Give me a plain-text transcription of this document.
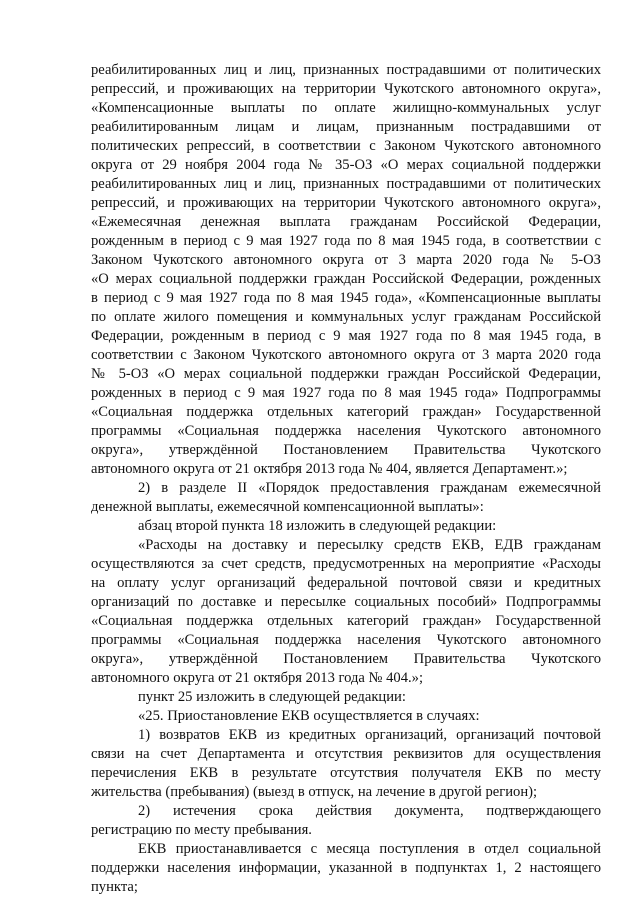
реабилитированных лиц и лиц, признанных пострадавшими от политических
репрессий, и проживающих на территории Чукотского автономного округа»,
«Компенсационные выплаты по оплате жилищно-коммунальных услуг
реабилитированным лицам и лицам, признанным пострадавшими от
политических репрессий, в соответствии с Законом Чукотского автономного
округа от 29 ноября 2004 года № 35-ОЗ «О мерах социальной поддержки
реабилитированных лиц и лиц, признанных пострадавшими от политических
репрессий, и проживающих на территории Чукотского автономного округа»,
«Ежемесячная денежная выплата гражданам Российской Федерации,
рожденным в период с 9 мая 1927 года по 8 мая 1945 года, в соответствии с
Законом Чукотского автономного округа от 3 марта 2020 года № 5-ОЗ
«О мерах социальной поддержки граждан Российской Федерации, рожденных
в период с 9 мая 1927 года по 8 мая 1945 года», «Компенсационные выплаты
по оплате жилого помещения и коммунальных услуг гражданам Российской
Федерации, рожденным в период с 9 мая 1927 года по 8 мая 1945 года, в
соответствии с Законом Чукотского автономного округа от 3 марта 2020 года
№ 5-ОЗ «О мерах социальной поддержки граждан Российской Федерации,
рожденных в период с 9 мая 1927 года по 8 мая 1945 года» Подпрограммы
«Социальная поддержка отдельных категорий граждан» Государственной
программы «Социальная поддержка населения Чукотского автономного
округа», утверждённой Постановлением Правительства Чукотского
автономного округа от 21 октября 2013 года № 404, является Департамент.»;
2) в разделе II «Порядок предоставления гражданам ежемесячной
денежной выплаты, ежемесячной компенсационной выплаты»:
абзац второй пункта 18 изложить в следующей редакции:
«Расходы на доставку и пересылку средств ЕКВ, ЕДВ гражданам
осуществляются за счет средств, предусмотренных на мероприятие «Расходы
на оплату услуг организаций федеральной почтовой связи и кредитных
организаций по доставке и пересылке социальных пособий» Подпрограммы
«Социальная поддержка отдельных категорий граждан» Государственной
программы «Социальная поддержка населения Чукотского автономного
округа», утверждённой Постановлением Правительства Чукотского
автономного округа от 21 октября 2013 года № 404.»;
пункт 25 изложить в следующей редакции:
«25. Приостановление ЕКВ осуществляется в случаях:
1) возвратов ЕКВ из кредитных организаций, организаций почтовой
связи на счет Департамента и отсутствия реквизитов для осуществления
перечисления ЕКВ в результате отсутствия получателя ЕКВ по месту
жительства (пребывания) (выезд в отпуск, на лечение в другой регион);
2) истечения срока действия документа, подтверждающего
регистрацию по месту пребывания.
ЕКВ приостанавливается с месяца поступления в отдел социальной
поддержки населения информации, указанной в подпунктах 1, 2 настоящего
пункта;
